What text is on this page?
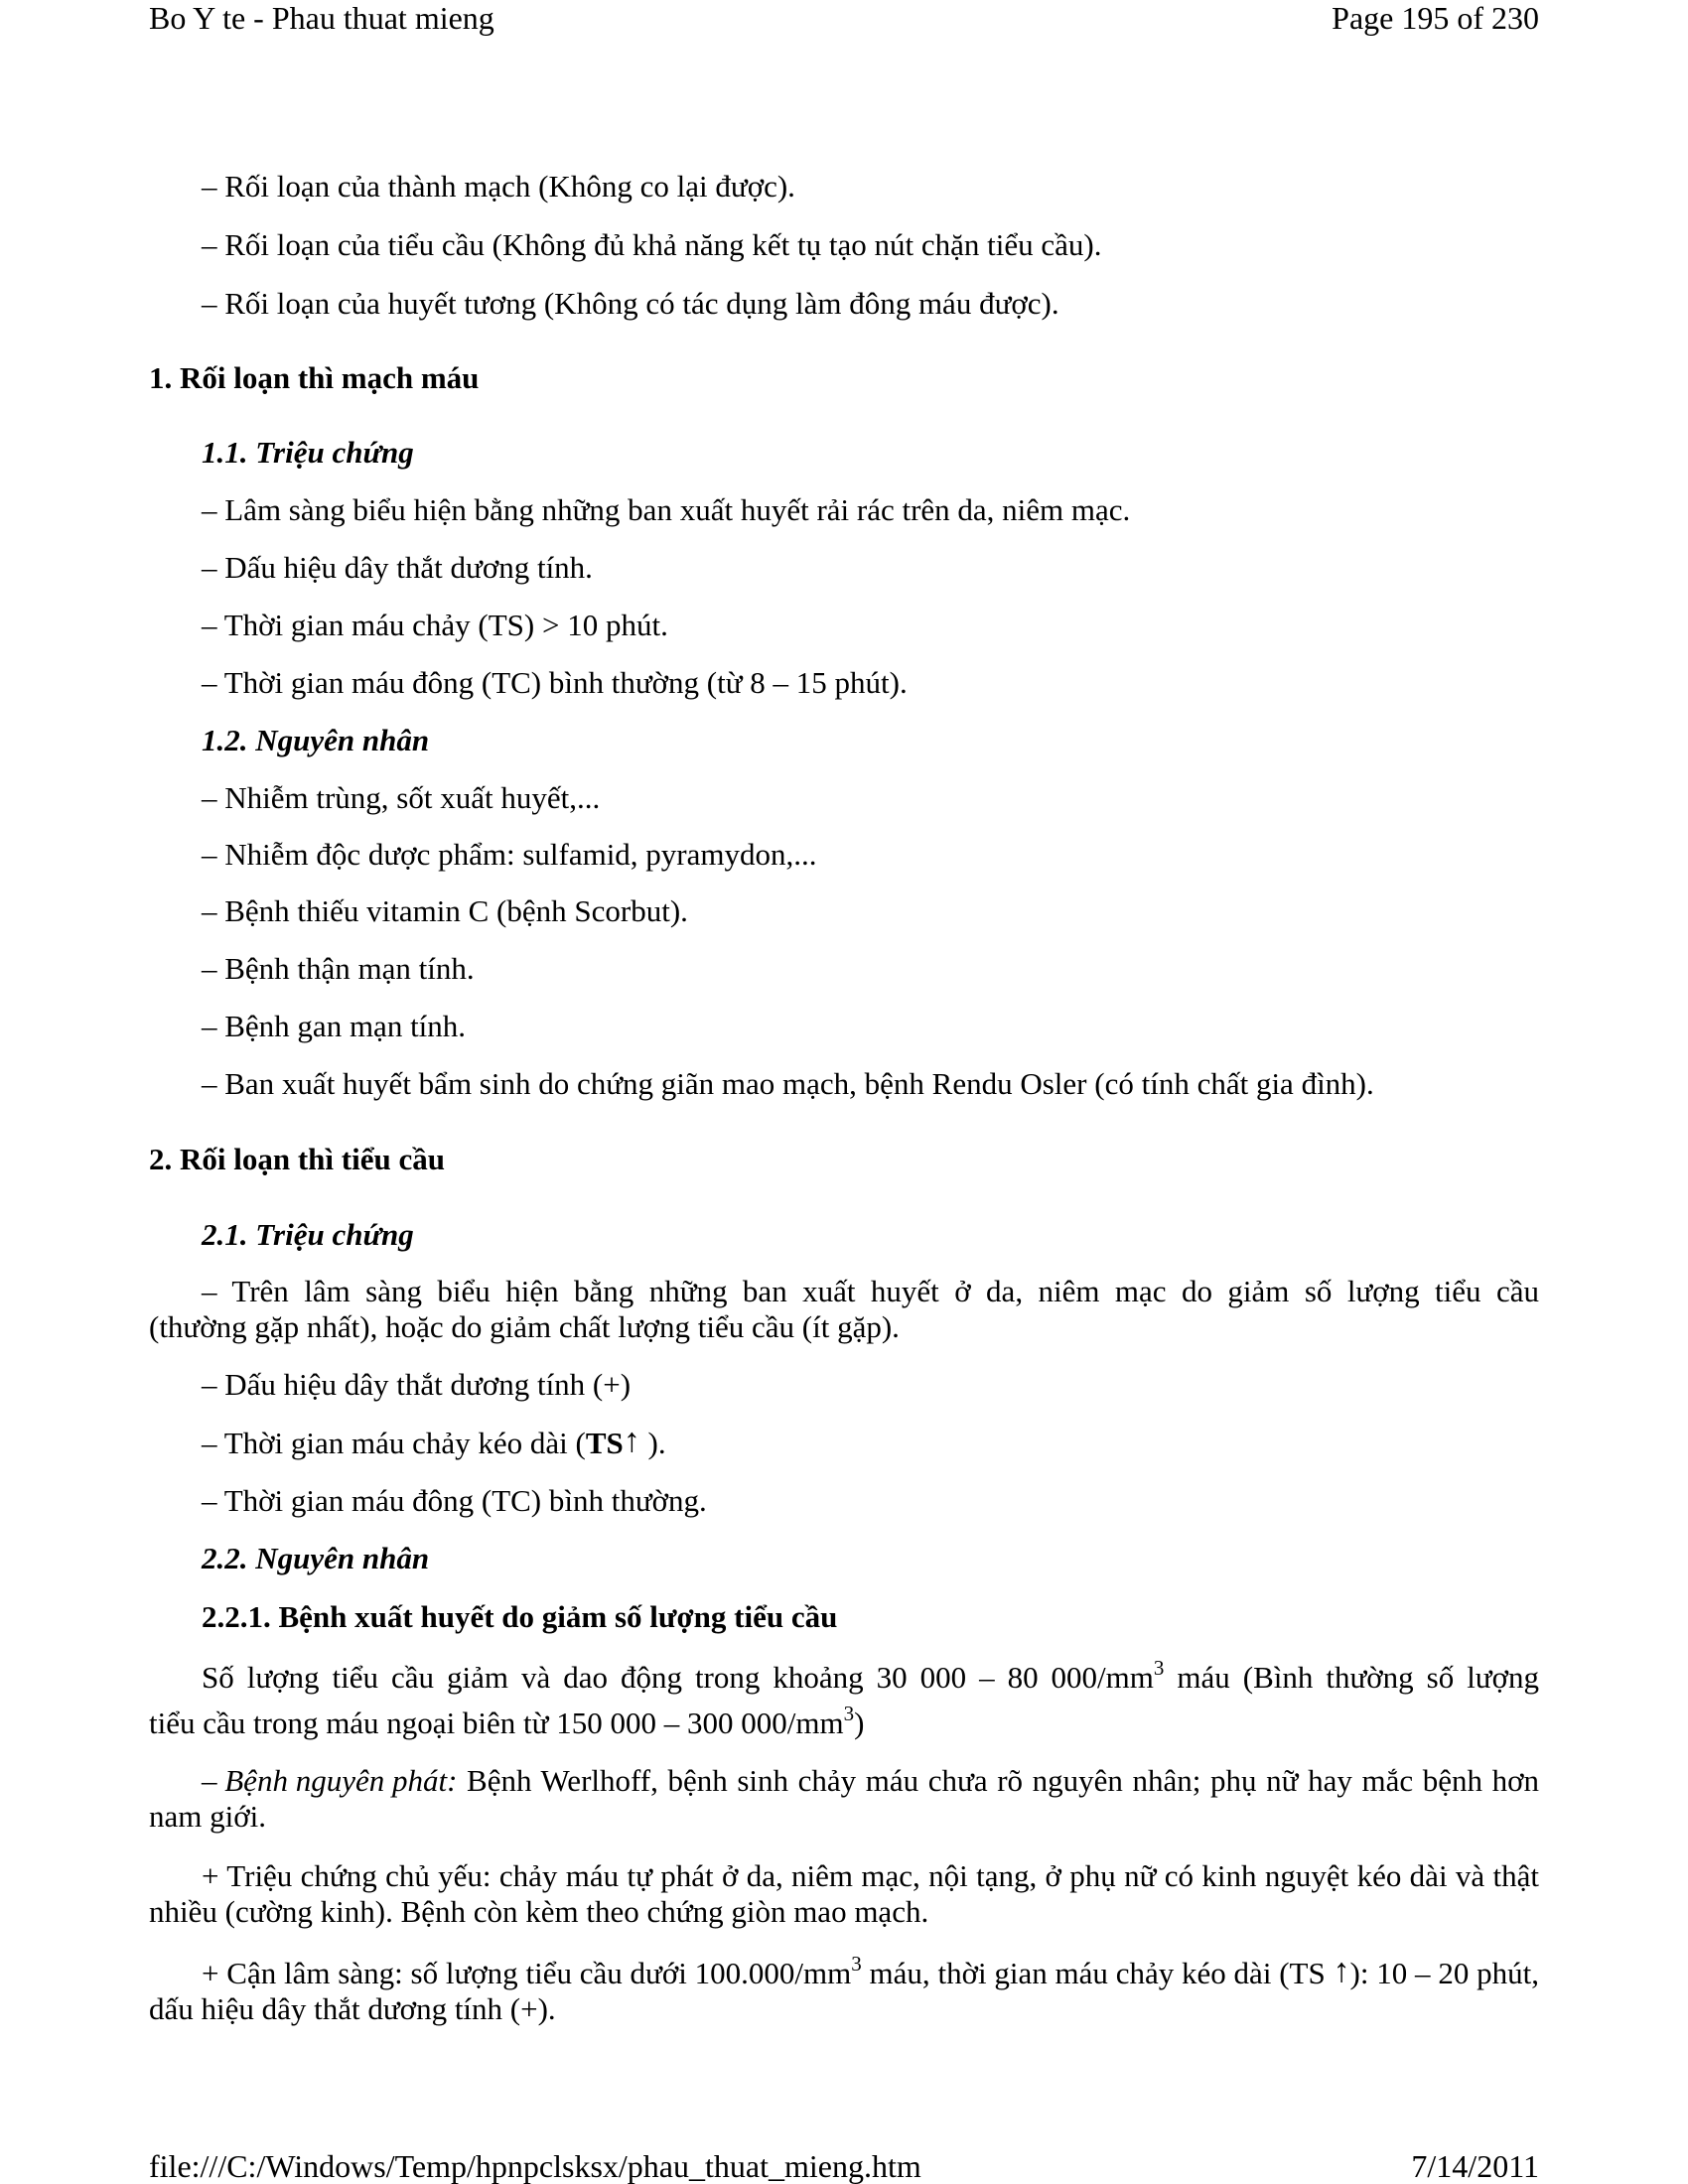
Bo Y te - Phau thuat mieng	Page 195 of 230
– Rối loạn của thành mạch (Không co lại được).
– Rối loạn của tiểu cầu (Không đủ khả năng kết tụ tạo nút chặn tiểu cầu).
– Rối loạn của huyết tương (Không có tác dụng làm đông máu được).
1. Rối loạn thì mạch máu
1.1. Triệu chứng
– Lâm sàng biểu hiện bằng những ban xuất huyết rải rác trên da, niêm mạc.
– Dấu hiệu dây thắt dương tính.
– Thời gian máu chảy (TS) > 10 phút.
– Thời gian máu đông (TC) bình thường (từ 8 – 15 phút).
1.2. Nguyên nhân
– Nhiễm trùng, sốt xuất huyết,...
– Nhiễm độc dược phẩm: sulfamid, pyramydon,...
– Bệnh thiếu vitamin C (bệnh Scorbut).
– Bệnh thận mạn tính.
– Bệnh gan mạn tính.
– Ban xuất huyết bẩm sinh do chứng giãn mao mạch, bệnh Rendu Osler (có tính chất gia đình).
2. Rối loạn thì tiểu cầu
2.1. Triệu chứng
– Trên lâm sàng biểu hiện bằng những ban xuất huyết ở da, niêm mạc do giảm số lượng tiểu cầu
(thường gặp nhất), hoặc do giảm chất lượng tiểu cầu (ít gặp).
– Dấu hiệu dây thắt dương tính (+)
– Thời gian máu chảy kéo dài (TS↑ ).
– Thời gian máu đông (TC) bình thường.
2.2. Nguyên nhân
2.2.1. Bệnh xuất huyết do giảm số lượng tiểu cầu
Số lượng tiểu cầu giảm và dao động trong khoảng 30 000 – 80 $000/mm^3$ máu (Bình thường số lượng
tiểu cầu trong máu ngoại biên từ 150 000 – 300 $000/mm^3$)
– Bệnh nguyên phát: Bệnh Werlhoff, bệnh sinh chảy máu chưa rõ nguyên nhân; phụ nữ hay mắc bệnh hơn nam giới.
+ Triệu chứng chủ yếu: chảy máu tự phát ở da, niêm mạc, nội tạng, ở phụ nữ có kinh nguyệt kéo dài và thật nhiều (cường kinh). Bệnh còn kèm theo chứng giòn mao mạch.
+ Cận lâm sàng: số lượng tiểu cầu dưới $100.000/mm^3$ máu, thời gian máu chảy kéo dài (TS ↑): 10 – 20 phút, dấu hiệu dây thắt dương tính (+).
file:///C:/Windows/Temp/hpnpclsksx/phau_thuat_mieng.htm	7/14/2011
